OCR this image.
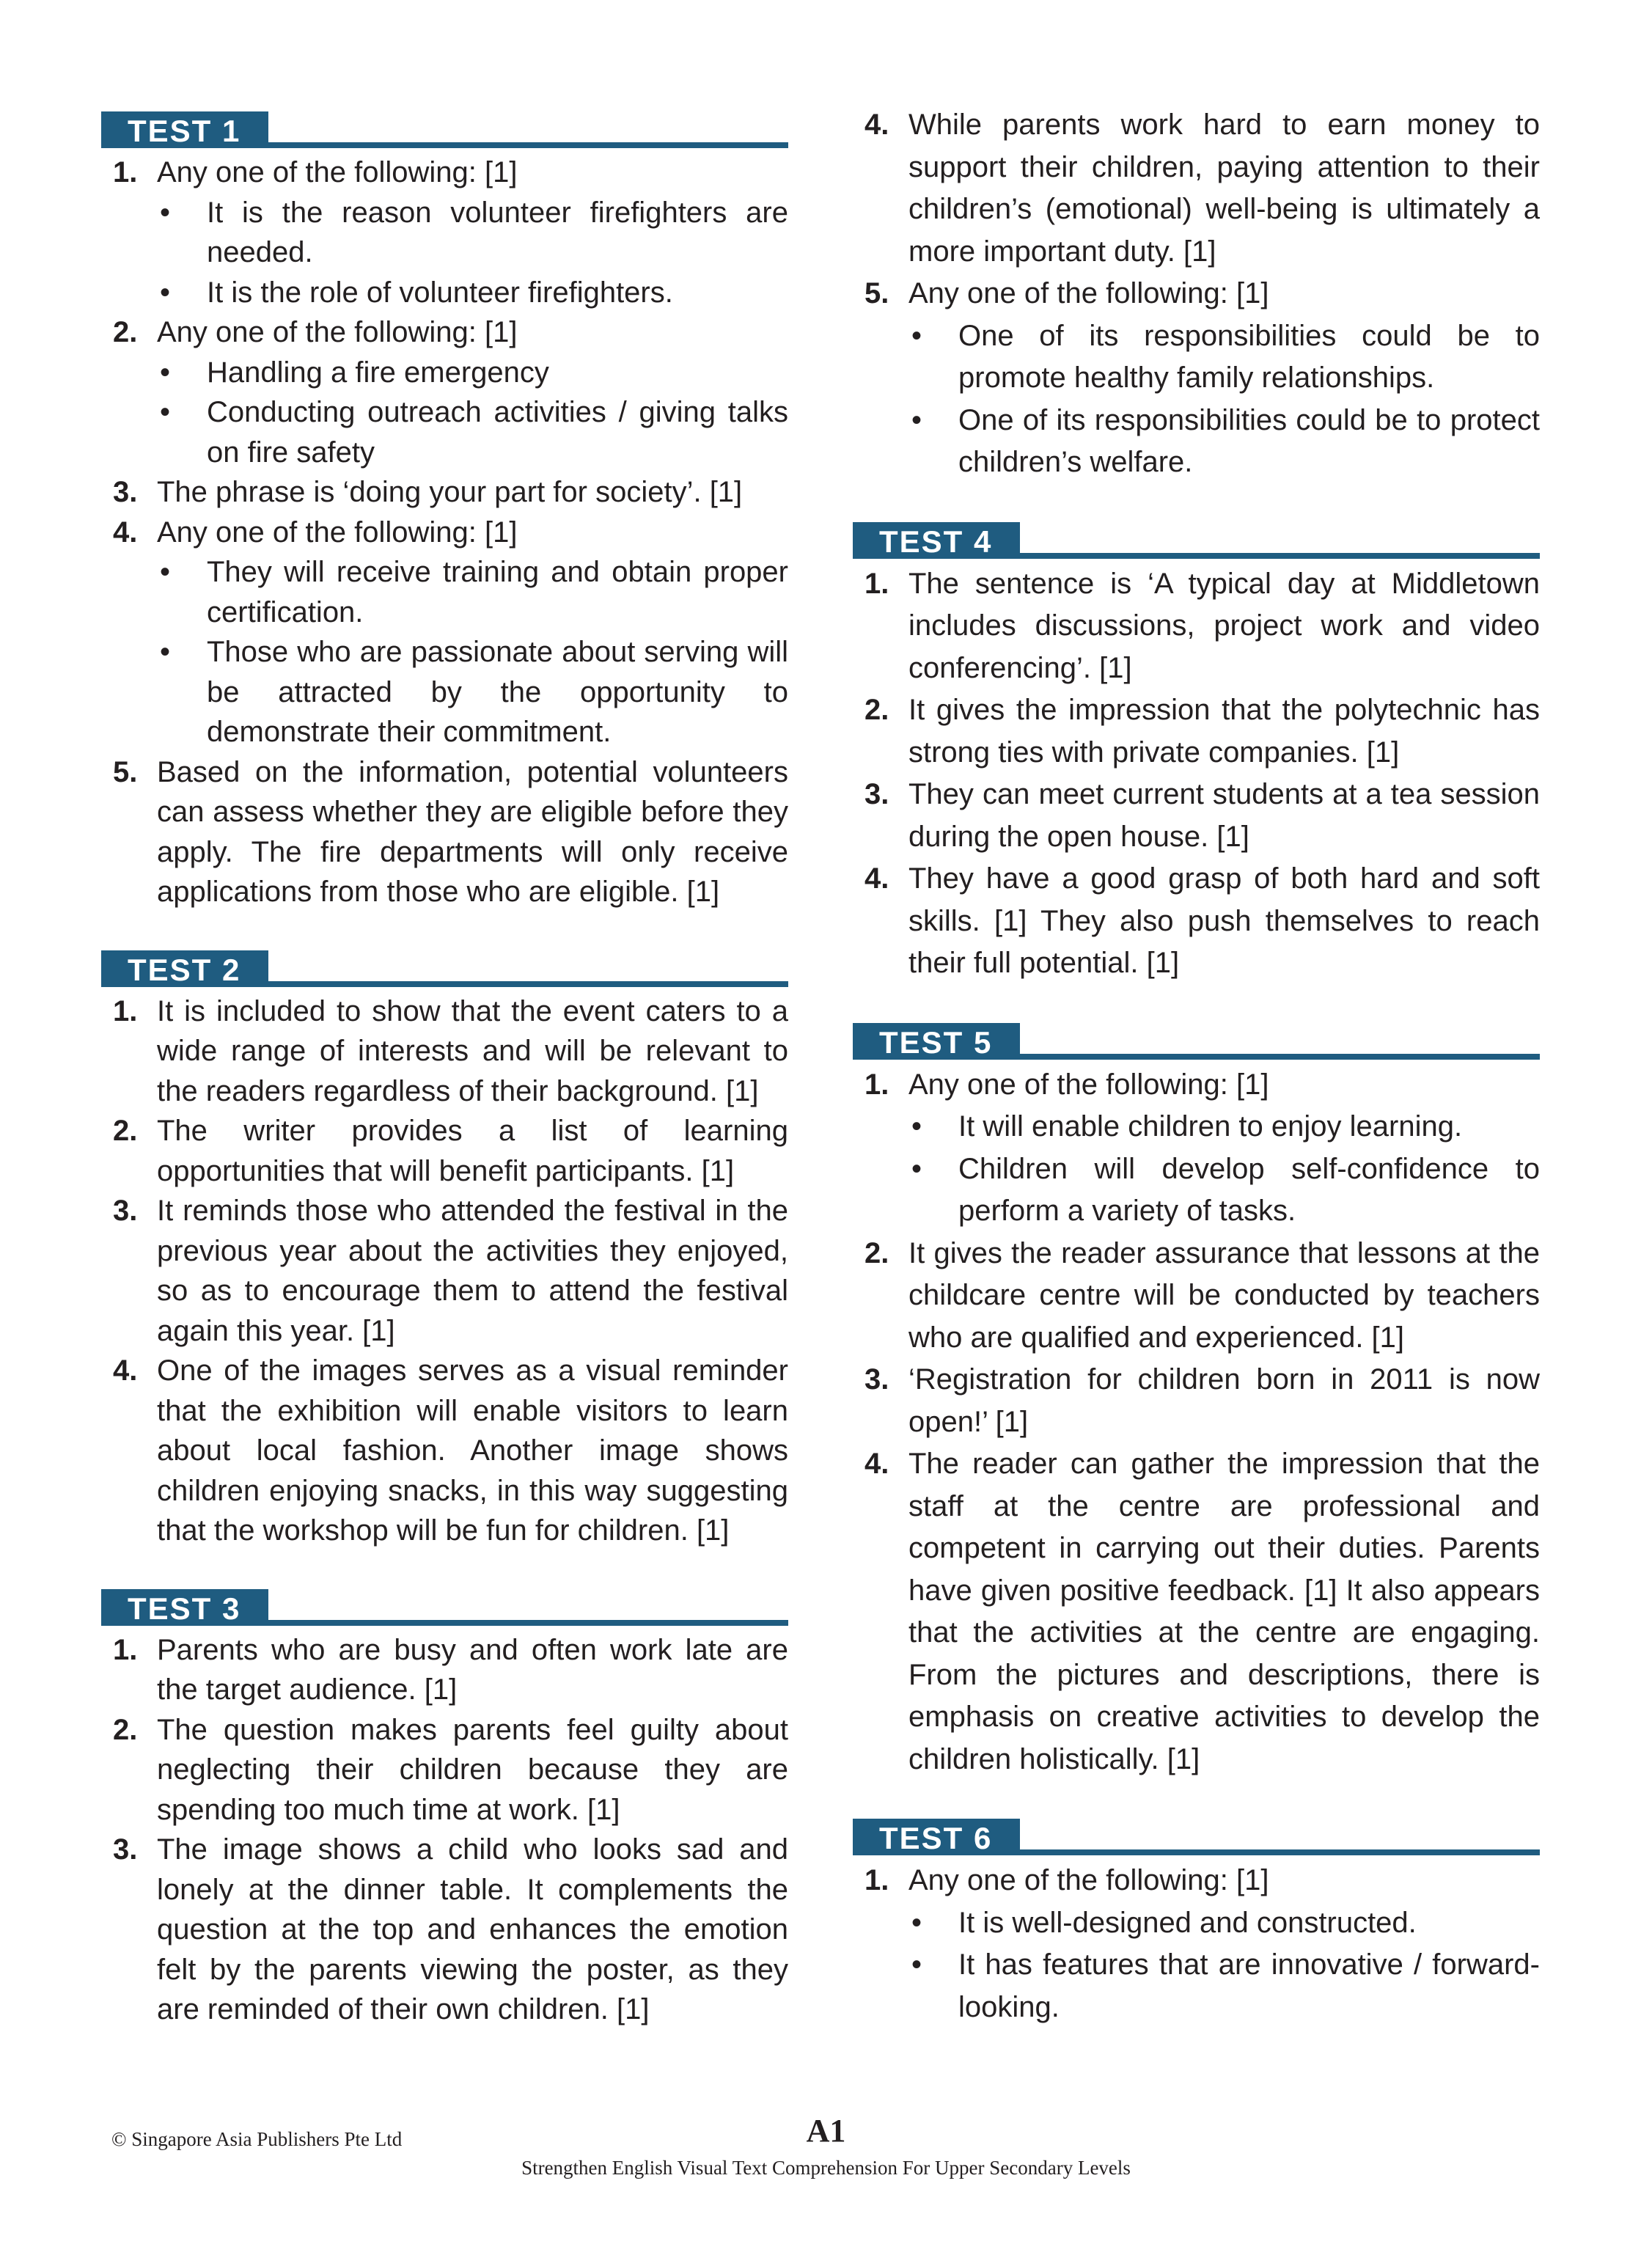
TEST 1
1. Any one of the following: [1]

•	It is the reason volunteer firefighters are needed.
•	It is the role of volunteer firefighters.
2. Any one of the following: [1]

•	Handling a fire emergency
•	Conducting outreach activities / giving talks on fire safety
3. The phrase is ‘doing your part for society’. [1]

4. Any one of the following: [1]

•	They will receive training and obtain proper certification.
•	Those who are passionate about serving will be attracted by the opportunity to demonstrate their commitment.
5. Based on the information, potential volunteers can assess whether they are eligible before they apply. The fire departments will only receive applications from those who are eligible. [1]

TEST 2
1. It is included to show that the event caters to a wide range of interests and will be relevant to the readers regardless of their background. [1]

2. The writer provides a list of learning opportunities that will benefit participants. [1]

3. It reminds those who attended the festival in the previous year about the activities they enjoyed, so as to encourage them to attend the festival again this year. [1]

4. One of the images serves as a visual reminder that the exhibition will enable visitors to learn about local fashion. Another image shows children enjoying snacks, in this way suggesting that the workshop will be fun for children. [1]

TEST 3
1. Parents who are busy and often work late are the target audience. [1]

2. The question makes parents feel guilty about neglecting their children because they are spending too much time at work. [1]

3. The image shows a child who looks sad and lonely at the dinner table. It complements the question at the top and enhances the emotion felt by the parents viewing the poster, as they are reminded of their own children. [1]

4. While parents work hard to earn money to support their children, paying attention to their children’s (emotional) well-being is ultimately a more important duty. [1]

5. Any one of the following: [1]

•	One of its responsibilities could be to promote healthy family relationships.
•	One of its responsibilities could be to protect children’s welfare.
TEST 4
1. The sentence is ‘A typical day at Middletown includes discussions, project work and video conferencing’. [1]

2. It gives the impression that the polytechnic has strong ties with private companies. [1]

3. They can meet current students at a tea session during the open house. [1]

4. They have a good grasp of both hard and soft skills. [1] They also push themselves to reach their full potential. [1]

TEST 5
1. Any one of the following: [1]

•	It will enable children to enjoy learning.
•	Children will develop self-confidence to perform a variety of tasks.
2. It gives the reader assurance that lessons at the childcare centre will be conducted by teachers who are qualified and experienced. [1]

3. ‘Registration for children born in 2011 is now open!’ [1]

4. The reader can gather the impression that the staff at the centre are professional and competent in carrying out their duties. Parents have given positive feedback. [1] It also appears that the activities at the centre are engaging. From the pictures and descriptions, there is emphasis on creative activities to develop the children holistically. [1]

TEST 6
1. Any one of the following: [1]

•	It is well-designed and constructed.
•	It has features that are innovative / forward-looking.
© Singapore Asia Publishers Pte Ltd	A1
Strengthen English Visual Text Comprehension For Upper Secondary Levels
